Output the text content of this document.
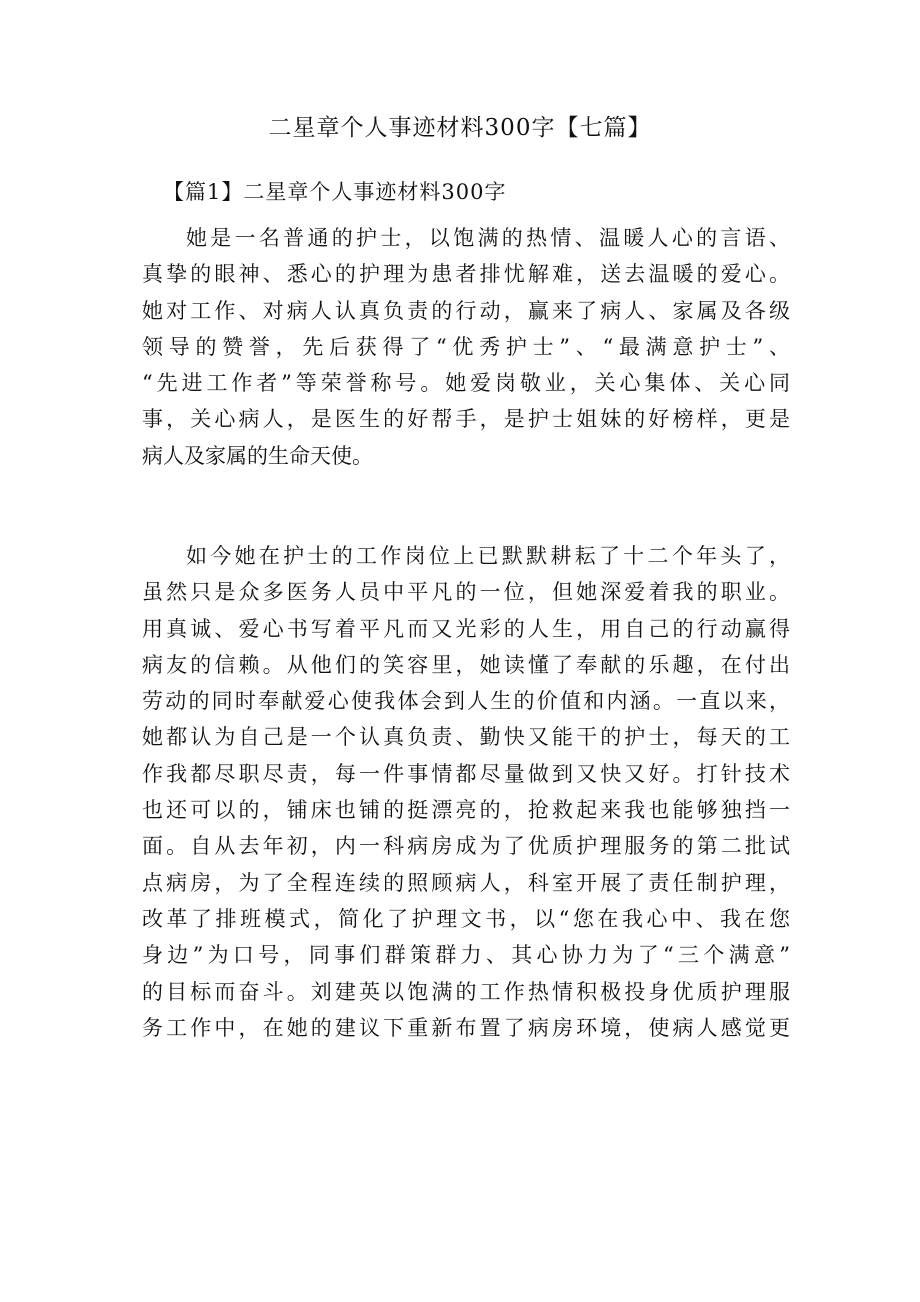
二星章个人事迹材料300字【七篇】
【篇1】二星章个人事迹材料300字
她是一名普通的护士，以饱满的热情、温暖人心的言语、
真挚的眼神、悉心的护理为患者排忧解难，送去温暖的爱心。
她对工作、对病人认真负责的行动，赢来了病人、家属及各级
领导的赞誉，先后获得了“优秀护士”、“最满意护士”、
“先进工作者”等荣誉称号。她爱岗敬业，关心集体、关心同
事，关心病人，是医生的好帮手，是护士姐妹的好榜样，更是
病人及家属的生命天使。
如今她在护士的工作岗位上已默默耕耘了十二个年头了，
虽然只是众多医务人员中平凡的一位，但她深爱着我的职业。
用真诚、爱心书写着平凡而又光彩的人生，用自己的行动赢得
病友的信赖。从他们的笑容里，她读懂了奉献的乐趣，在付出
劳动的同时奉献爱心使我体会到人生的价值和内涵。一直以来，
她都认为自己是一个认真负责、勤快又能干的护士，每天的工
作我都尽职尽责，每一件事情都尽量做到又快又好。打针技术
也还可以的，铺床也铺的挺漂亮的，抢救起来我也能够独挡一
面。自从去年初，内一科病房成为了优质护理服务的第二批试
点病房，为了全程连续的照顾病人，科室开展了责任制护理，
改革了排班模式，简化了护理文书，以“您在我心中、我在您
身边”为口号，同事们群策群力、其心协力为了“三个满意”
的目标而奋斗。刘建英以饱满的工作热情积极投身优质护理服
务工作中，在她的建议下重新布置了病房环境，使病人感觉更
